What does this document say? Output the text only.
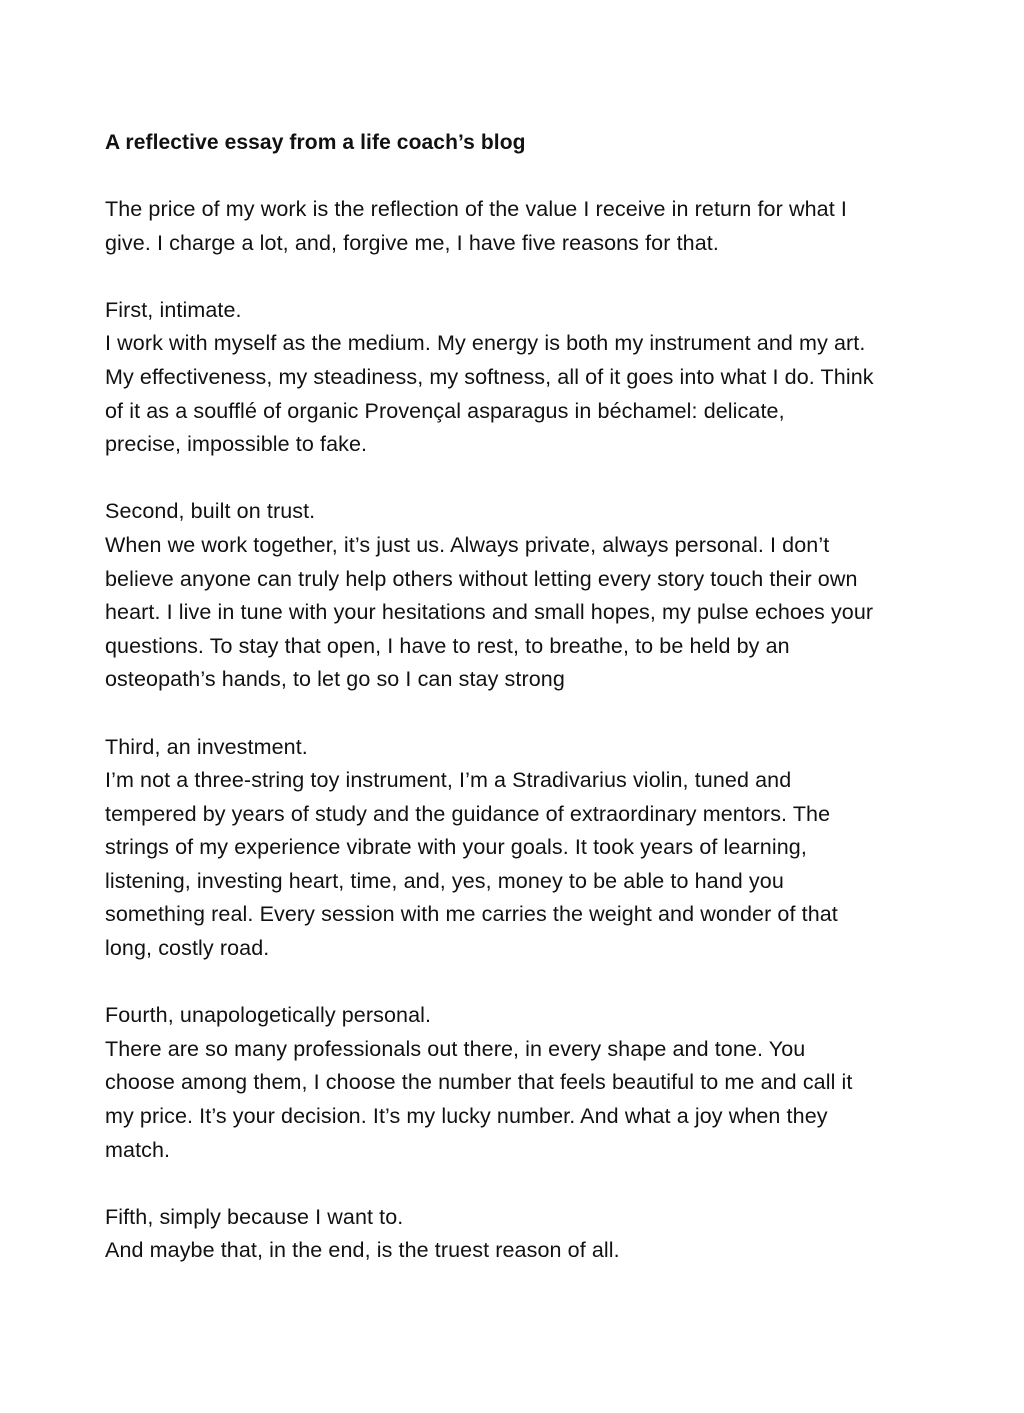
A reflective essay from a life coach’s blog
The price of my work is the reflection of the value I receive in return for what I
give. I charge a lot, and, forgive me, I have five reasons for that.
First, intimate.
I work with myself as the medium. My energy is both my instrument and my art.
My effectiveness, my steadiness, my softness, all of it goes into what I do. Think
of it as a soufflé of organic Provençal asparagus in béchamel: delicate,
precise, impossible to fake.
Second, built on trust.
When we work together, it’s just us. Always private, always personal. I don’t
believe anyone can truly help others without letting every story touch their own
heart. I live in tune with your hesitations and small hopes, my pulse echoes your
questions. To stay that open, I have to rest, to breathe, to be held by an
osteopath’s hands, to let go so I can stay strong
Third, an investment.
I’m not a three-string toy instrument, I’m a Stradivarius violin, tuned and
tempered by years of study and the guidance of extraordinary mentors. The
strings of my experience vibrate with your goals. It took years of learning,
listening, investing heart, time, and, yes, money to be able to hand you
something real. Every session with me carries the weight and wonder of that
long, costly road.
Fourth, unapologetically personal.
There are so many professionals out there, in every shape and tone. You
choose among them, I choose the number that feels beautiful to me and call it
my price. It’s your decision. It’s my lucky number. And what a joy when they
match.
Fifth, simply because I want to.
And maybe that, in the end, is the truest reason of all.
